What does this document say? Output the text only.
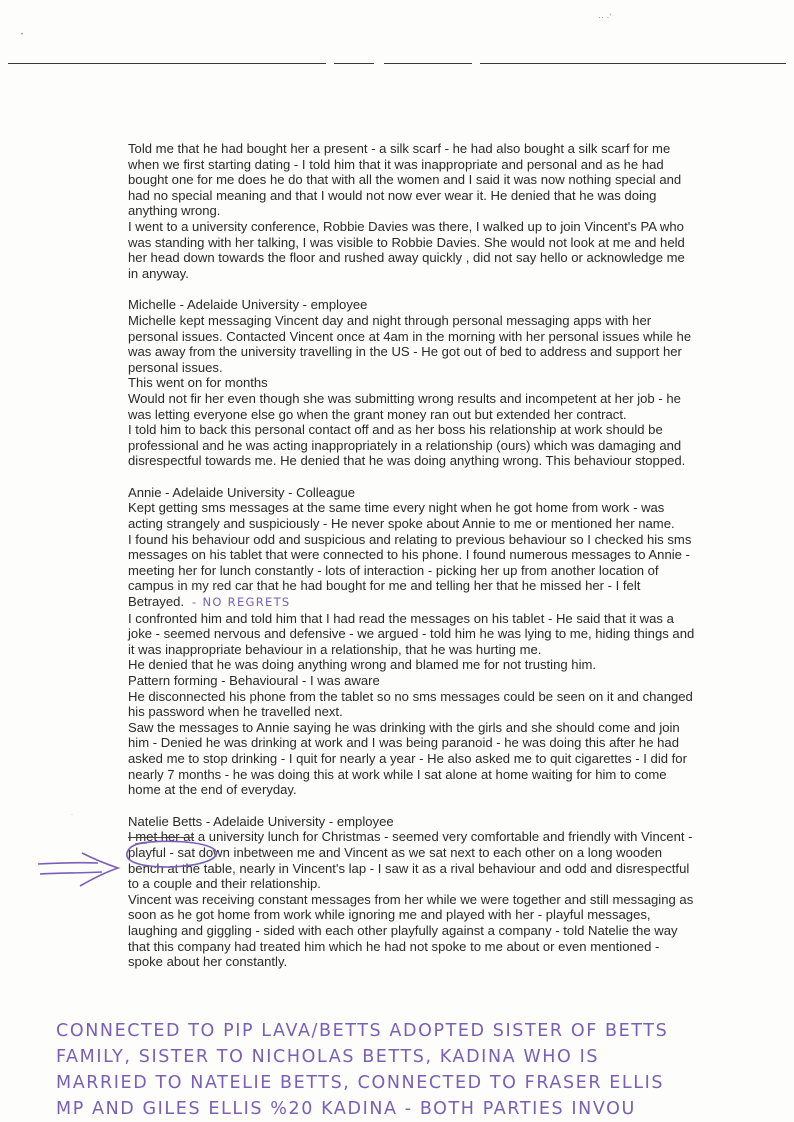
·· ·'
•
·
Told me that he had bought her a present - a silk scarf - he had also bought a silk scarf for me
when we first starting dating - I told him that it was inappropriate and personal and as he had
bought one for me does he do that with all the women and I said it was now nothing special and
had no special meaning and that I would not now ever wear it. He denied that he was doing
anything wrong.
I went to a university conference, Robbie Davies was there, I walked up to join Vincent's PA who
was standing with her talking, I was visible to Robbie Davies. She would not look at me and held
her head down towards the floor and rushed away quickly , did not say hello or acknowledge me
in anyway.
Michelle - Adelaide University - employee
Michelle kept messaging Vincent day and night through personal messaging apps with her
personal issues. Contacted Vincent once at 4am in the morning with her personal issues while he
was away from the university travelling in the US - He got out of bed to address and support her
personal issues.
This went on for months
Would not fir her even though she was submitting wrong results and incompetent at her job - he
was letting everyone else go when the grant money ran out but extended her contract.
I told him to back this personal contact off and as her boss his relationship at work should be
professional and he was acting inappropriately in a relationship (ours) which was damaging and
disrespectful towards me. He denied that he was doing anything wrong. This behaviour stopped.
Annie - Adelaide University - Colleague
Kept getting sms messages at the same time every night when he got home from work - was
acting strangely and suspiciously - He never spoke about Annie to me or mentioned her name.
I found his behaviour odd and suspicious and relating to previous behaviour so I checked his sms
messages on his tablet that were connected to his phone. I found numerous messages to Annie -
meeting her for lunch constantly - lots of interaction - picking her up from another location of
campus in my red car that he had bought for me and telling her that he missed her - I felt
Betrayed. - NO REGRETS
I confronted him and told him that I had read the messages on his tablet - He said that it was a
joke - seemed nervous and defensive - we argued - told him he was lying to me, hiding things and
it was inappropriate behaviour in a relationship, that he was hurting me.
He denied that he was doing anything wrong and blamed me for not trusting him.
Pattern forming - Behavioural - I was aware
He disconnected his phone from the tablet so no sms messages could be seen on it and changed
his password when he travelled next.
Saw the messages to Annie saying he was drinking with the girls and she should come and join
him - Denied he was drinking at work and I was being paranoid - he was doing this after he had
asked me to stop drinking - I quit for nearly a year - He also asked me to quit cigarettes - I did for
nearly 7 months - he was doing this at work while I sat alone at home waiting for him to come
home at the end of everyday.
Natelie Betts - Adelaide University - employee
I met her at a university lunch for Christmas - seemed very comfortable and friendly with Vincent -
playful - sat down inbetween me and Vincent as we sat next to each other on a long wooden
bench at the table, nearly in Vincent's lap - I saw it as a rival behaviour and odd and disrespectful
to a couple and their relationship.
Vincent was receiving constant messages from her while we were together and still messaging as
soon as he got home from work while ignoring me and played with her - playful messages,
laughing and giggling - sided with each other playfully against a company - told Natelie the way
that this company had treated him which he had not spoke to me about or even mentioned -
spoke about her constantly.
CONNECTED TO PIP LAVA/BETTS ADOPTED SISTER OF BETTS
FAMILY, SISTER TO NICHOLAS BETTS, KADINA WHO IS
MARRIED TO NATELIE BETTS, CONNECTED TO FRASER ELLIS
MP AND GILES ELLIS %20 KADINA - BOTH PARTIES INVOU
